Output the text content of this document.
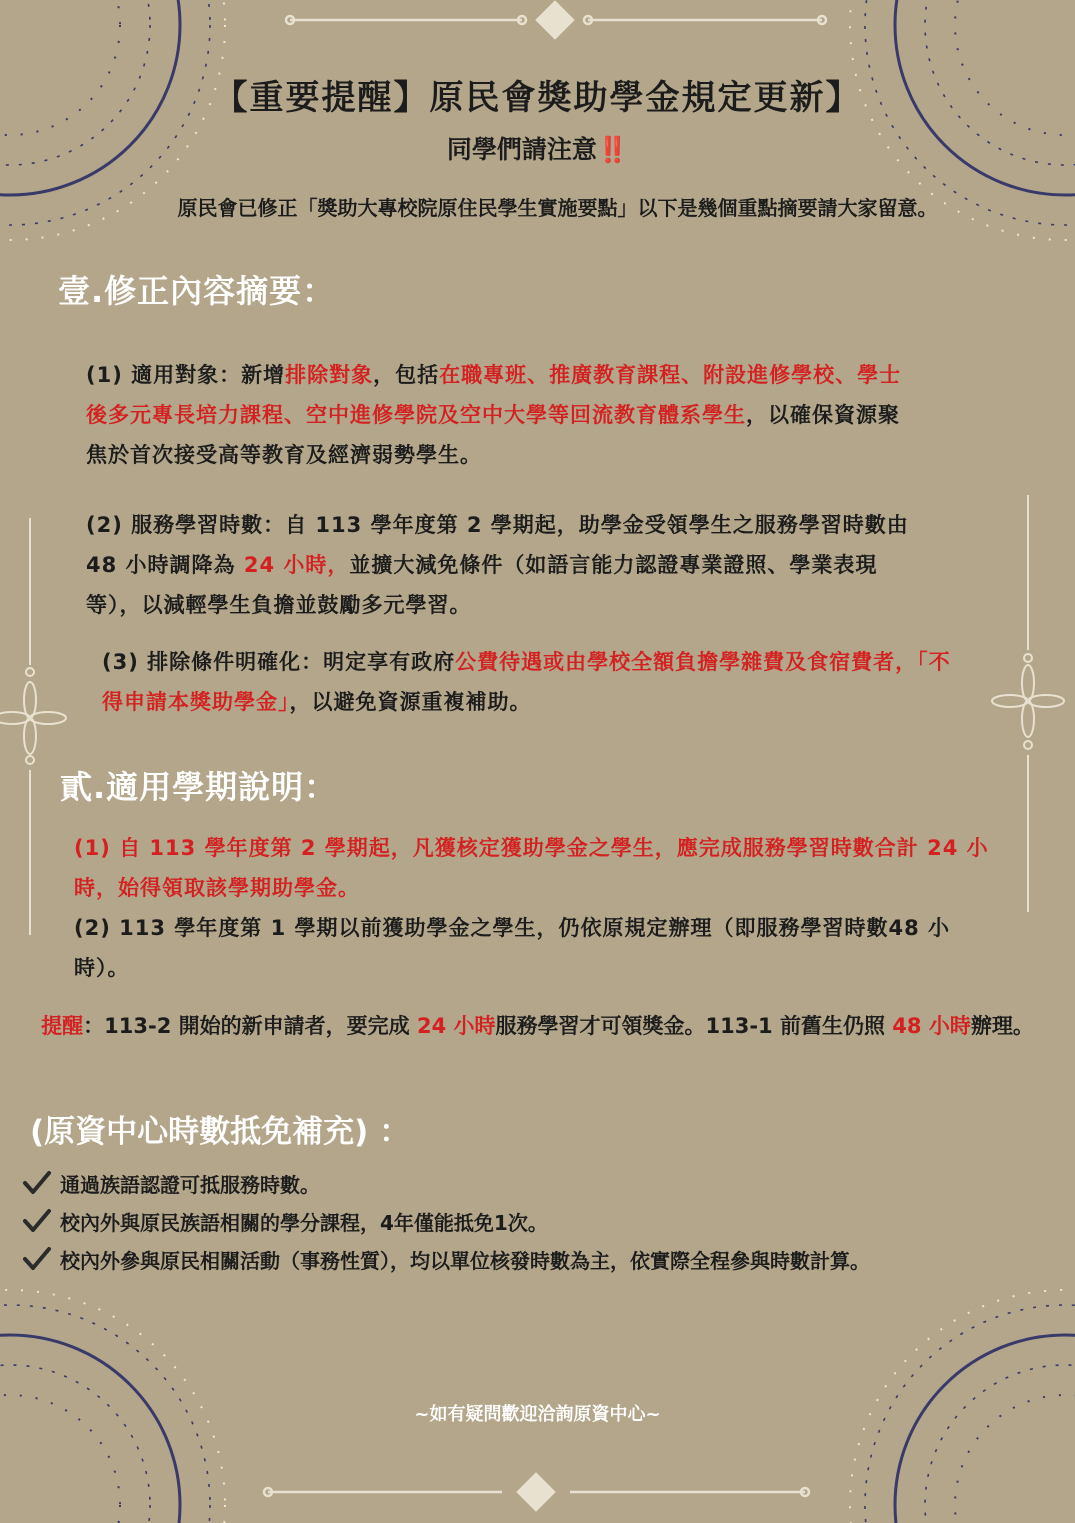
【重要提醒】原民會獎助學金規定更新】
同學們請注意‼️
原民會已修正「獎助大專校院原住民學生實施要點」以下是幾個重點摘要請大家留意。
壹.修正內容摘要：
(1) 適用對象：新增排除對象，包括在職專班、推廣教育課程、附設進修學校、學士後多元專長培力課程、空中進修學院及空中大學等回流教育體系學生，以確保資源聚焦於首次接受高等教育及經濟弱勢學生。
(2) 服務學習時數：自 113 學年度第 2 學期起，助學金受領學生之服務學習時數由 48 小時調降為 24 小時，並擴大減免條件（如語言能力認證專業證照、學業表現等），以減輕學生負擔並鼓勵多元學習。
(3) 排除條件明確化：明定享有政府公費待遇或由學校全額負擔學雜費及食宿費者，「不得申請本獎助學金」，以避免資源重複補助。
貳.適用學期說明：
(1) 自 113 學年度第 2 學期起，凡獲核定獲助學金之學生，應完成服務學習時數合計 24 小時，始得領取該學期助學金。
(2) 113 學年度第 1 學期以前獲助學金之學生，仍依原規定辦理（即服務學習時數48 小時）。
提醒：113-2 開始的新申請者，要完成 24 小時服務學習才可領獎金。113-1 前舊生仍照 48 小時辦理。
(原資中心時數抵免補充) ：
通過族語認證可抵服務時數。
校內外與原民族語相關的學分課程，4年僅能抵免1次。
校內外參與原民相關活動（事務性質），均以單位核發時數為主，依實際全程參與時數計算。
~如有疑問歡迎洽詢原資中心~
